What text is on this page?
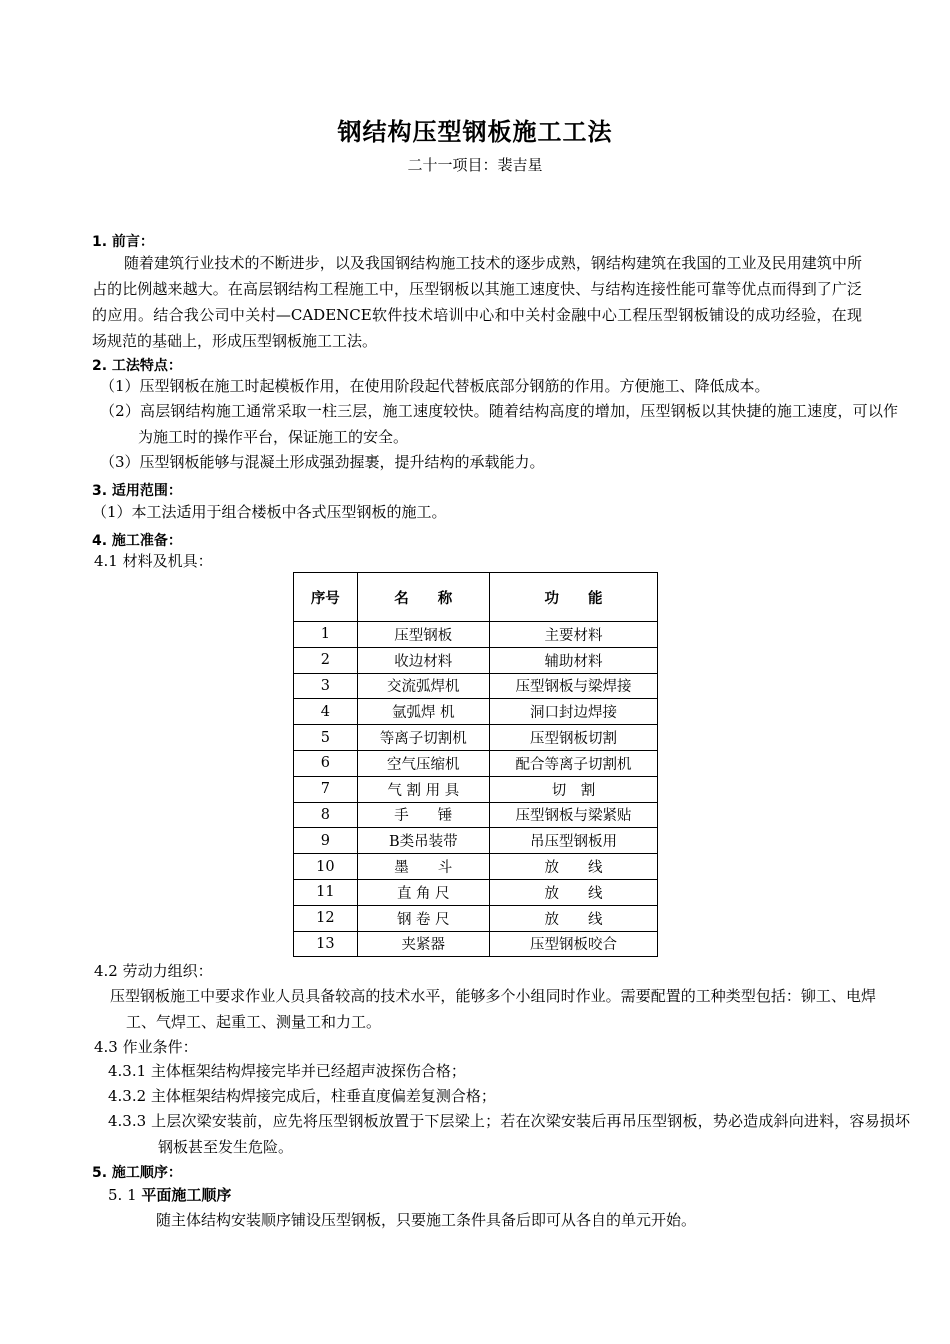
钢结构压型钢板施工工法
二十一项目：裴吉星
1. 前言：
随着建筑行业技术的不断进步，以及我国钢结构施工技术的逐步成熟，钢结构建筑在我国的工业及民用建筑中所占的比例越来越大。在高层钢结构工程施工中，压型钢板以其施工速度快、与结构连接性能可靠等优点而得到了广泛的应用。结合我公司中关村—CADENCE软件技术培训中心和中关村金融中心工程压型钢板铺设的成功经验，在现场规范的基础上，形成压型钢板施工工法。
2. 工法特点：
（1）压型钢板在施工时起模板作用，在使用阶段起代替板底部分钢筋的作用。方便施工、降低成本。
（2）高层钢结构施工通常采取一柱三层，施工速度较快。随着结构高度的增加，压型钢板以其快捷的施工速度，可以作为施工时的操作平台，保证施工的安全。
（3）压型钢板能够与混凝土形成强劲握裹，提升结构的承载能力。
3. 适用范围：
（1）本工法适用于组合楼板中各式压型钢板的施工。
4. 施工准备：
4.1 材料及机具：
序号	名　　称	功　　能
1	压型钢板	主要材料
2	收边材料	辅助材料
3	交流弧焊机	压型钢板与梁焊接
4	氩弧焊 机	洞口封边焊接
5	等离子切割机	压型钢板切割
6	空气压缩机	配合等离子切割机
7	气 割 用 具	切　割
8	手　　锤	压型钢板与梁紧贴
9	B类吊装带	吊压型钢板用
10	墨　　斗	放　　线
11	直 角 尺	放　　线
12	钢 卷 尺	放　　线
13	夹紧器	压型钢板咬合
4.2 劳动力组织：
压型钢板施工中要求作业人员具备较高的技术水平，能够多个小组同时作业。需要配置的工种类型包括：铆工、电焊工、气焊工、起重工、测量工和力工。
4.3 作业条件：
4.3.1 主体框架结构焊接完毕并已经超声波探伤合格；
4.3.2 主体框架结构焊接完成后，柱垂直度偏差复测合格；
4.3.3 上层次梁安装前，应先将压型钢板放置于下层梁上；若在次梁安装后再吊压型钢板，势必造成斜向进料，容易损坏钢板甚至发生危险。
5. 施工顺序：
5. 1 平面施工顺序
随主体结构安装顺序铺设压型钢板，只要施工条件具备后即可从各自的单元开始。
